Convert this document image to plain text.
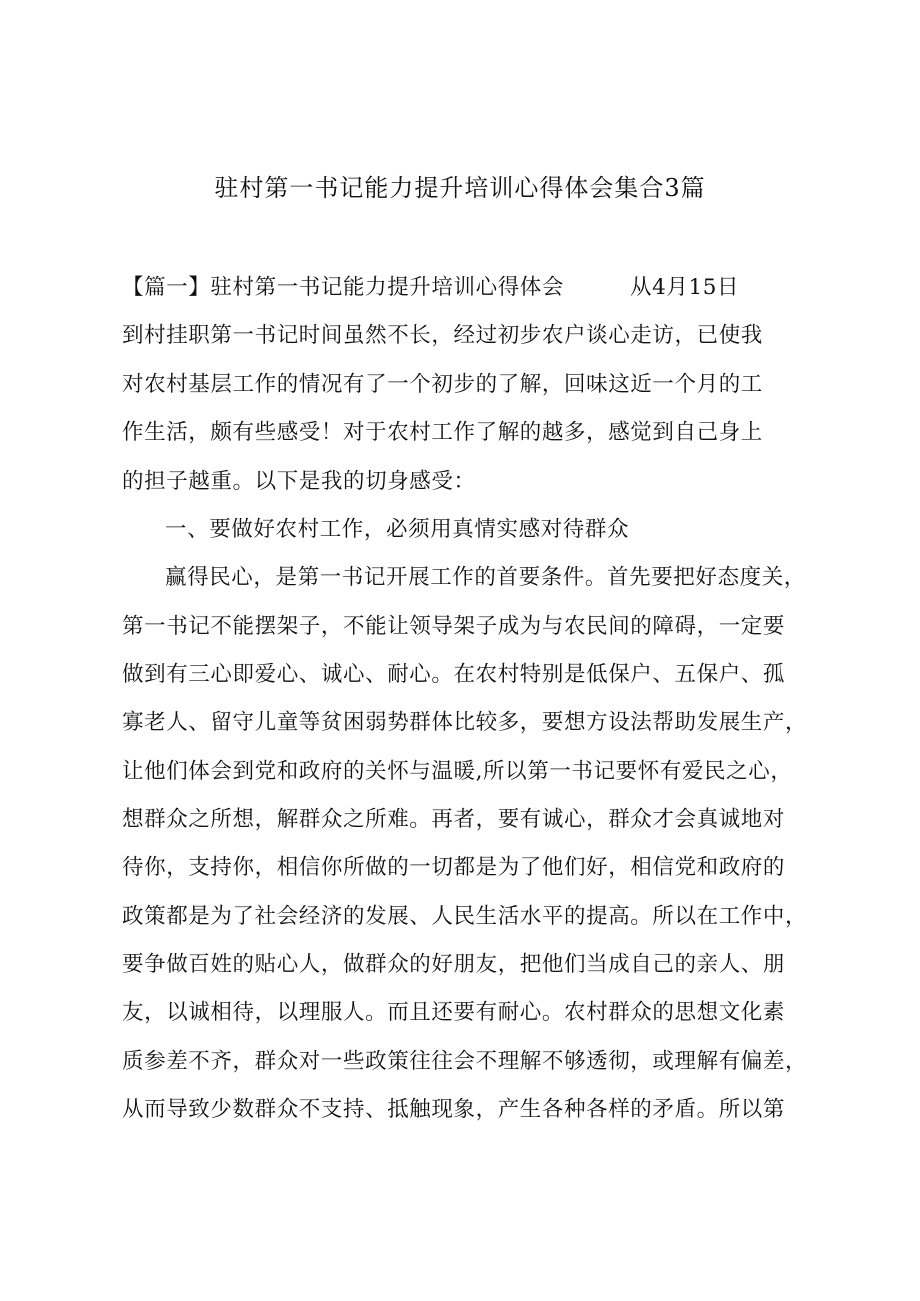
驻村第一书记能力提升培训心得体会集合3篇
【篇一】驻村第一书记能力提升培训心得体会	从4月15日
到村挂职第一书记时间虽然不长，经过初步农户谈心走访，已使我
对农村基层工作的情况有了一个初步的了解，回味这近一个月的工
作生活，颇有些感受！对于农村工作了解的越多，感觉到自己身上
的担子越重。以下是我的切身感受：
一、要做好农村工作，必须用真情实感对待群众
赢得民心，是第一书记开展工作的首要条件。首先要把好态度关，
第一书记不能摆架子，不能让领导架子成为与农民间的障碍，一定要
做到有三心即爱心、诚心、耐心。在农村特别是低保户、五保户、孤
寡老人、留守儿童等贫困弱势群体比较多，要想方设法帮助发展生产，
让他们体会到党和政府的关怀与温暖,所以第一书记要怀有爱民之心，
想群众之所想，解群众之所难。再者，要有诚心，群众才会真诚地对
待你，支持你，相信你所做的一切都是为了他们好，相信党和政府的
政策都是为了社会经济的发展、人民生活水平的提高。所以在工作中，
要争做百姓的贴心人，做群众的好朋友，把他们当成自己的亲人、朋
友，以诚相待，以理服人。而且还要有耐心。农村群众的思想文化素
质参差不齐，群众对一些政策往往会不理解不够透彻，或理解有偏差，
从而导致少数群众不支持、抵触现象，产生各种各样的矛盾。所以第
